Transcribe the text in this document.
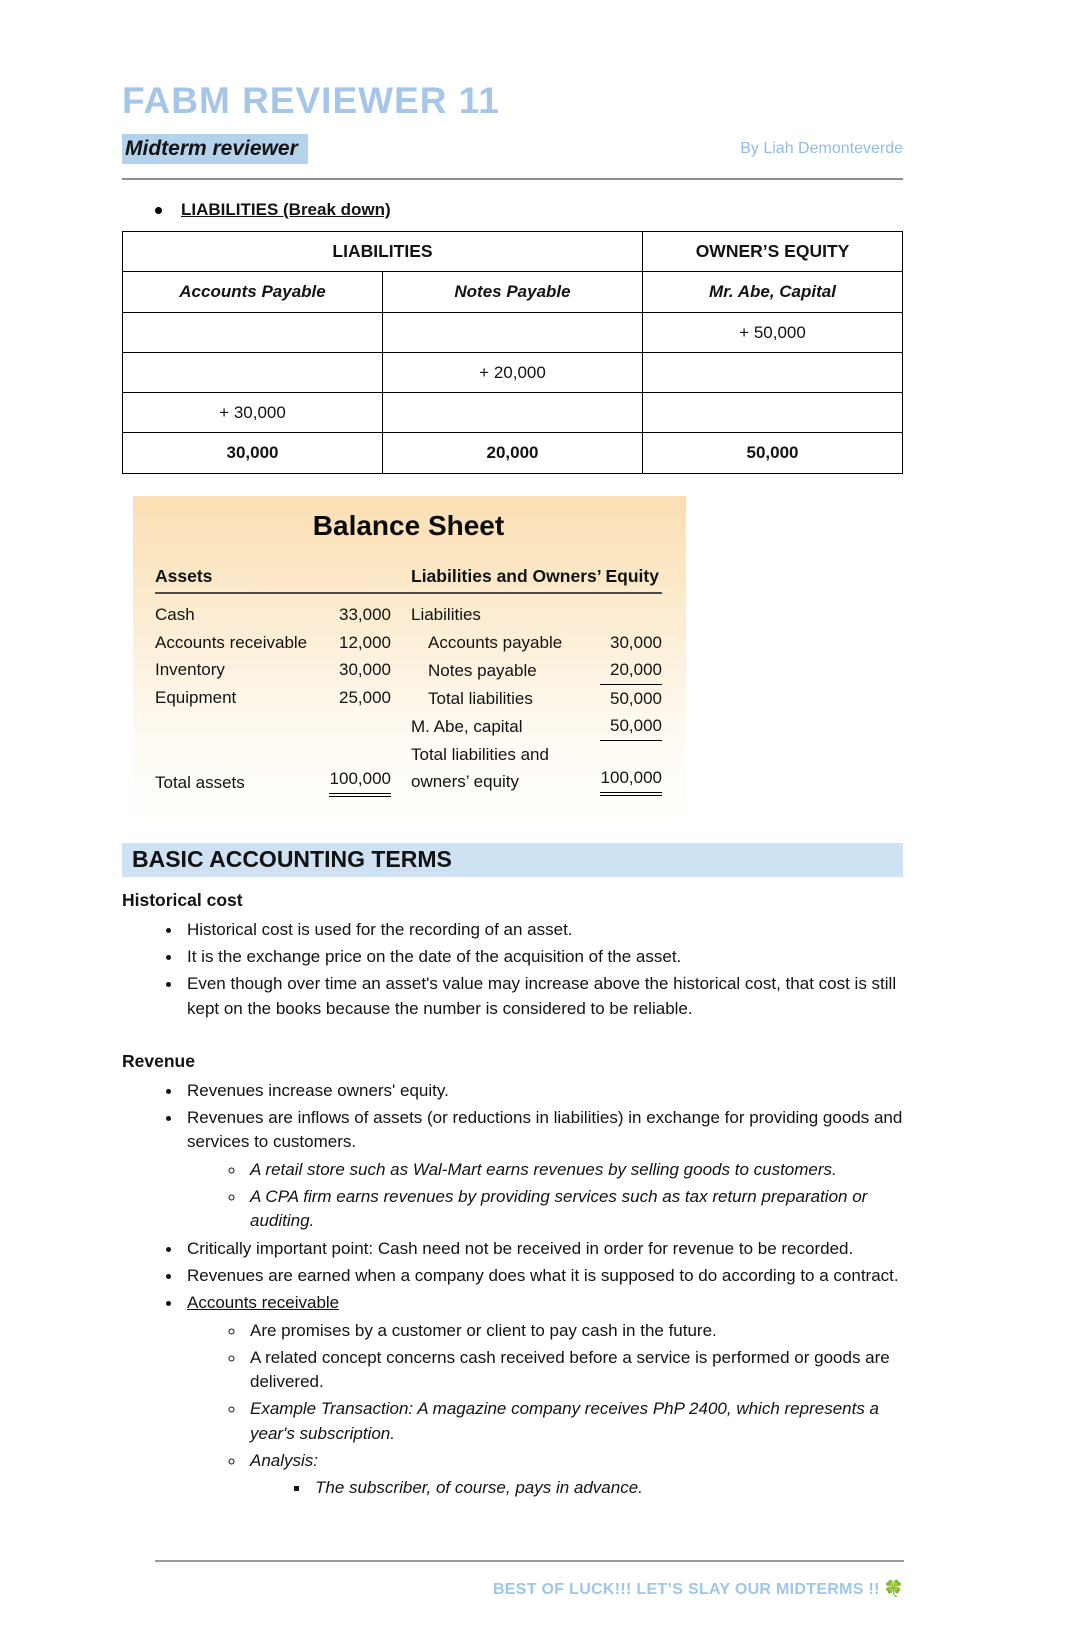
FABM REVIEWER 11
Midterm reviewer	By Liah Demonteverde
LIABILITIES (Break down)
LIABILITIES		OWNER’S EQUITY
Accounts Payable	Notes Payable	Mr. Abe, Capital
		+ 50,000
	+ 20,000	
+ 30,000		
30,000	20,000	50,000
Balance Sheet
Assets	Liabilities and Owners’ Equity
Cash	33,000
Accounts receivable	12,000
Inventory	30,000
Equipment	25,000
Total assets	100,000
Liabilities
Accounts payable	30,000
Notes payable	20,000
Total liabilities	50,000
M. Abe, capital	50,000
Total liabilities and owners’ equity	100,000
BASIC ACCOUNTING TERMS
Historical cost
• Historical cost is used for the recording of an asset.
• It is the exchange price on the date of the acquisition of the asset.
• Even though over time an asset's value may increase above the historical cost, that cost is still kept on the books because the number is considered to be reliable.
Revenue
• Revenues increase owners' equity.
• Revenues are inflows of assets (or reductions in liabilities) in exchange for providing goods and services to customers.
◦ A retail store such as Wal-Mart earns revenues by selling goods to customers.
◦ A CPA firm earns revenues by providing services such as tax return preparation or auditing.
• Critically important point: Cash need not be received in order for revenue to be recorded.
• Revenues are earned when a company does what it is supposed to do according to a contract.
• Accounts receivable
◦ Are promises by a customer or client to pay cash in the future.
◦ A related concept concerns cash received before a service is performed or goods are delivered.
◦ Example Transaction: A magazine company receives PhP 2400, which represents a year's subscription.
◦ Analysis:
▪ The subscriber, of course, pays in advance.
BEST OF LUCK!!! LET’S SLAY OUR MIDTERMS !! 🍀
